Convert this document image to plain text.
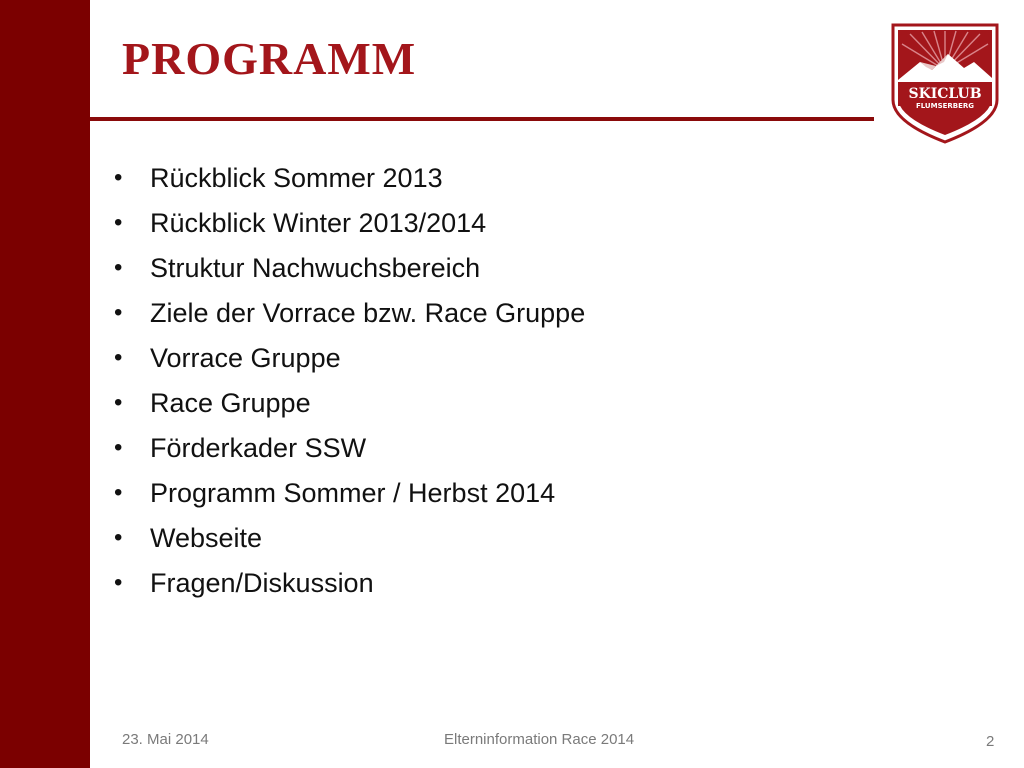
PROGRAMM
SKICLUB
FLUMSERBERG
•	Rückblick Sommer 2013
•	Rückblick Winter 2013/2014
•	Struktur Nachwuchsbereich
•	Ziele der Vorrace bzw. Race Gruppe
•	Vorrace Gruppe
•	Race Gruppe
•	Förderkader SSW
•	Programm Sommer / Herbst 2014
•	Webseite
•	Fragen/Diskussion
23. Mai 2014	Elterninformation Race 2014	2
